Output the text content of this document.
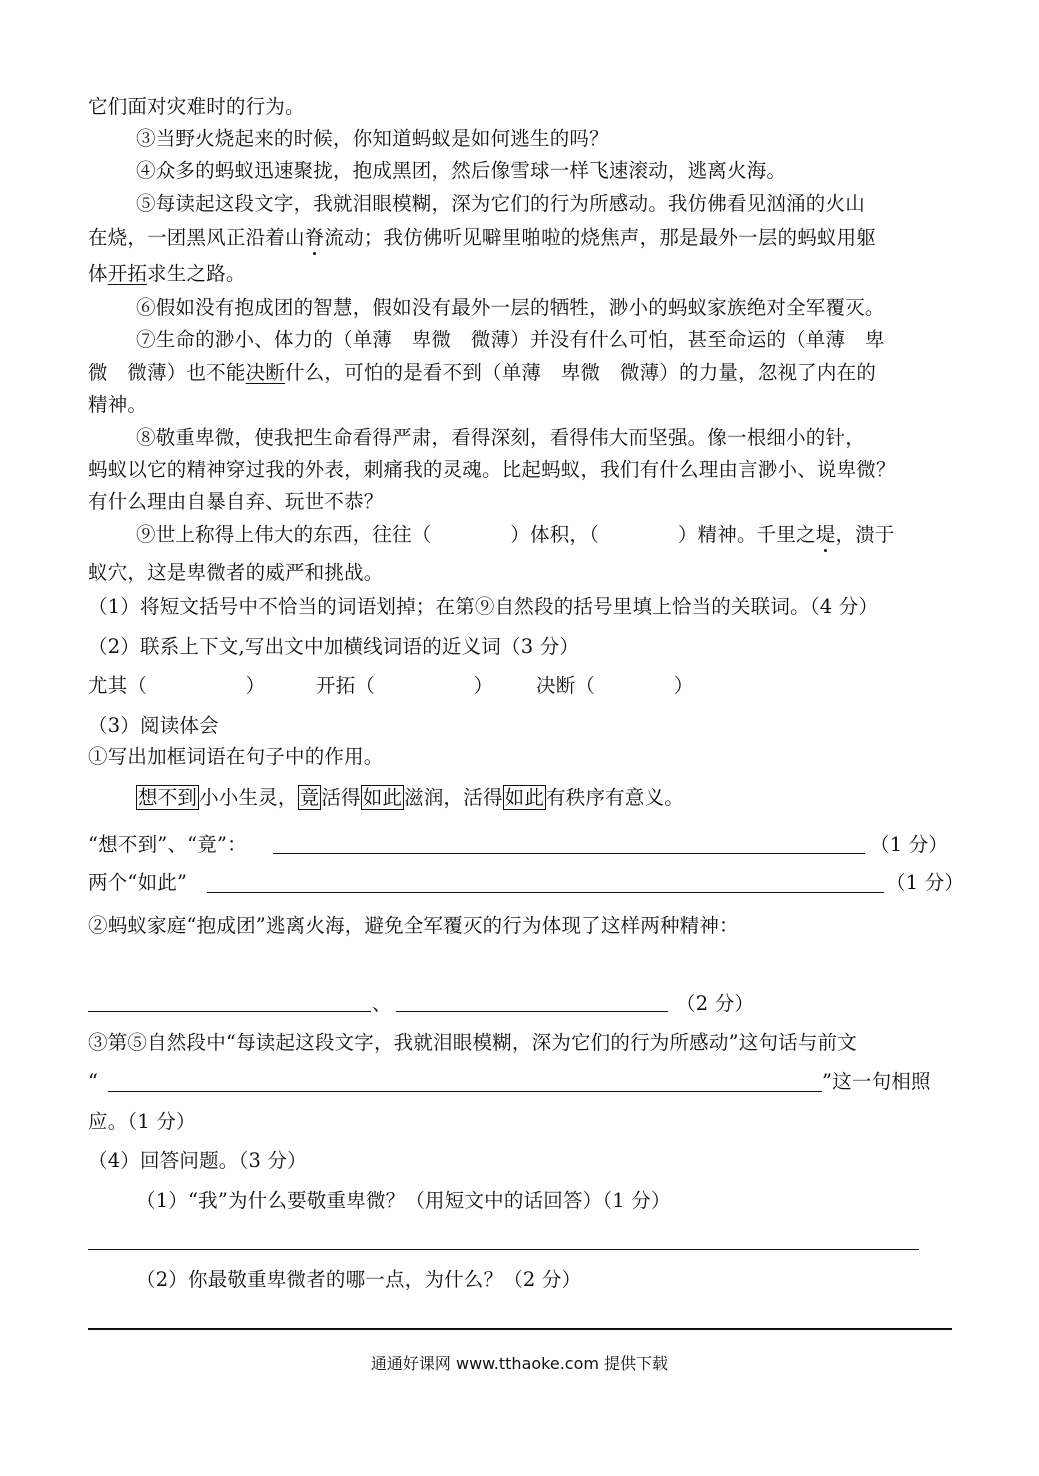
它们面对灾难时的行为。
③当野火烧起来的时候，你知道蚂蚁是如何逃生的吗？
④众多的蚂蚁迅速聚拢，抱成黑团，然后像雪球一样飞速滚动，逃离火海。
⑤每读起这段文字，我就泪眼模糊，深为它们的行为所感动。我仿佛看见汹涌的火山
在烧，一团黑风正沿着山脊流动；我仿佛听见噼里啪啦的烧焦声，那是最外一层的蚂蚁用躯
体开拓求生之路。
⑥假如没有抱成团的智慧，假如没有最外一层的牺牲，渺小的蚂蚁家族绝对全军覆灭。
⑦生命的渺小、体力的（单薄　卑微　微薄）并没有什么可怕，甚至命运的（单薄　卑
微　微薄）也不能决断什么，可怕的是看不到（单薄　卑微　微薄）的力量，忽视了内在的
精神。
⑧敬重卑微，使我把生命看得严肃，看得深刻，看得伟大而坚强。像一根细小的针，
蚂蚁以它的精神穿过我的外表，刺痛我的灵魂。比起蚂蚁，我们有什么理由言渺小、说卑微？
有什么理由自暴自弃、玩世不恭？
⑨世上称得上伟大的东西，往往（　　　　）体积，（　　　　）精神。千里之堤，溃于
蚁穴，这是卑微者的威严和挑战。
（1）将短文括号中不恰当的词语划掉；在第⑨自然段的括号里填上恰当的关联词。（4 分）
（2）联系上下文,写出文中加横线词语的近义词（3 分）
尤其（　　　　　）	开拓（　　　　　） 决断（　　　　）
（3）阅读体会
①写出加框词语在句子中的作用。
想不到 小小生灵， 竟 活得 如此 滋润，活得 如此 有秩序有意义。
“想不到”、“竟”：	（1 分）
两个“如此”	（1 分）
②蚂蚁家庭“抱成团”逃离火海，避免全军覆灭的行为体现了这样两种精神：
、	（2 分）
③第⑤自然段中“每读起这段文字，我就泪眼模糊，深为它们的行为所感动”这句话与前文
“	”这一句相照
应。（1 分）
（4）回答问题。（3 分）
（1）“我”为什么要敬重卑微？（用短文中的话回答）（1 分）
（2）你最敬重卑微者的哪一点，为什么？（2 分）
通通好课网 www.tthaoke.com 提供下载
